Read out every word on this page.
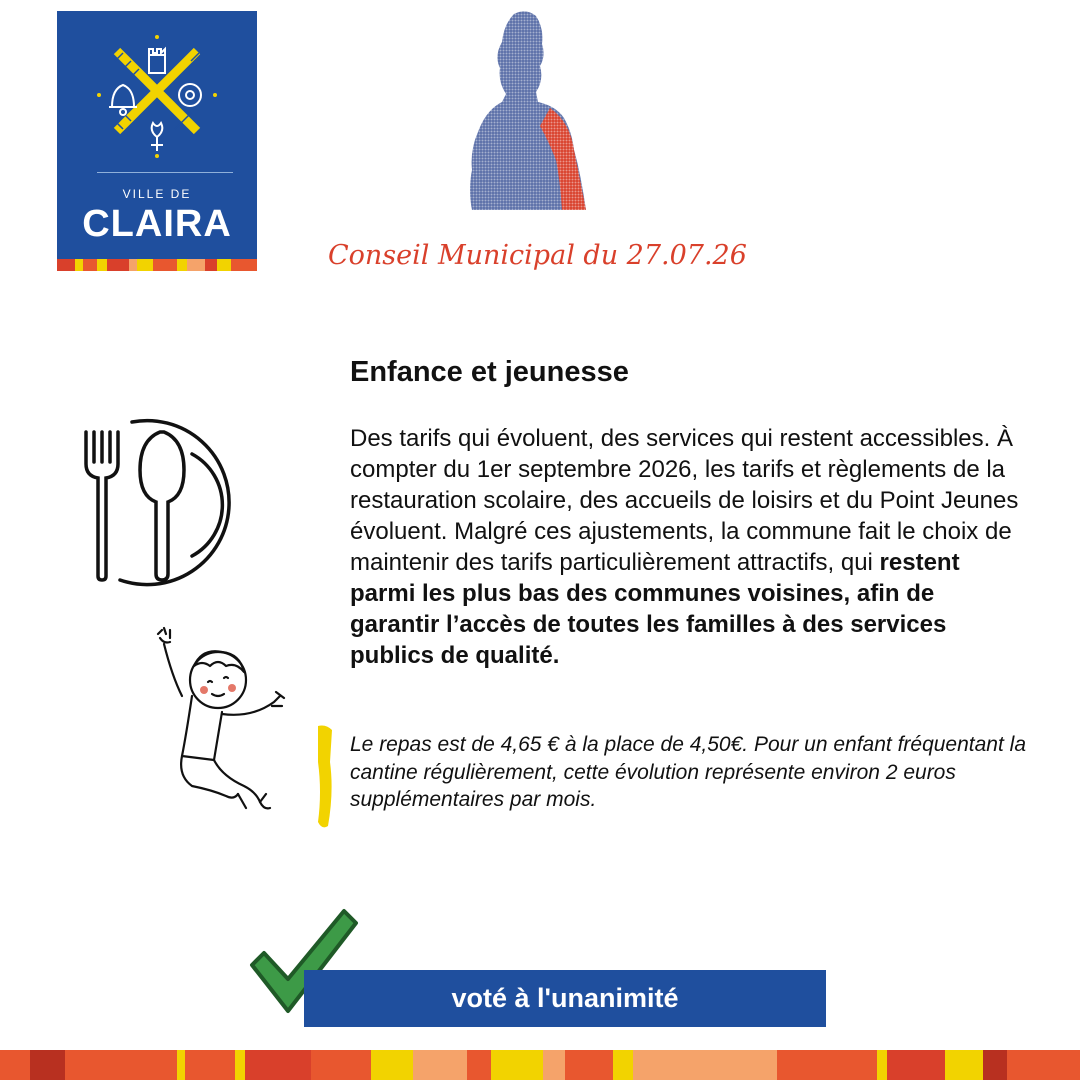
VILLE DE
CLAIRA
Conseil Municipal du 27.07.26
Enfance et jeunesse

Des tarifs qui évoluent, des services qui restent accessibles. À compter du 1er septembre 2026, les tarifs et règlements de la restauration scolaire, des accueils de loisirs et du Point Jeunes évoluent. Malgré ces ajustements, la commune fait le choix de maintenir des tarifs particulièrement attractifs, qui restent parmi les plus bas des communes voisines, afin de garantir l’accès de toutes les familles à des services publics de qualité.

Le repas est de 4,65 € à la place de 4,50€. Pour un enfant fréquentant la cantine régulièrement, cette évolution représente environ 2 euros supplémentaires par mois.

voté à l'unanimité
